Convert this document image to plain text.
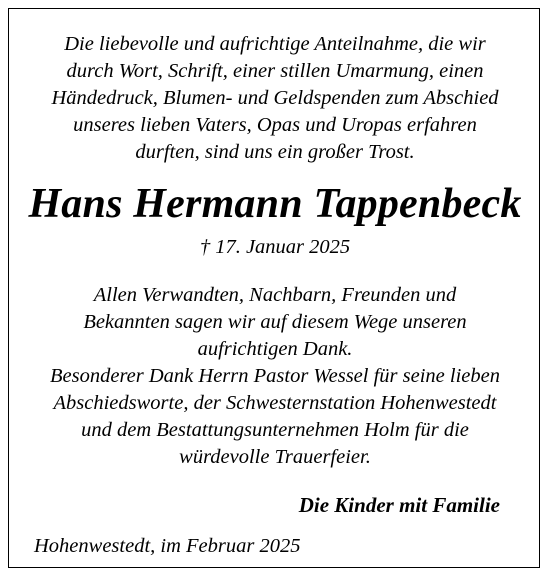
Die liebevolle und aufrichtige Anteilnahme, die wir
durch Wort, Schrift, einer stillen Umarmung, einen
Händedruck, Blumen- und Geldspenden zum Abschied
unseres lieben Vaters, Opas und Uropas erfahren
durften, sind uns ein großer Trost.
Hans Hermann Tappenbeck
† 17. Januar 2025
Allen Verwandten, Nachbarn, Freunden und
Bekannten sagen wir auf diesem Wege unseren
aufrichtigen Dank.
Besonderer Dank Herrn Pastor Wessel für seine lieben
Abschiedsworte, der Schwesternstation Hohenwestedt
und dem Bestattungsunternehmen Holm für die
würdevolle Trauerfeier.
Die Kinder mit Familie
Hohenwestedt, im Februar 2025
